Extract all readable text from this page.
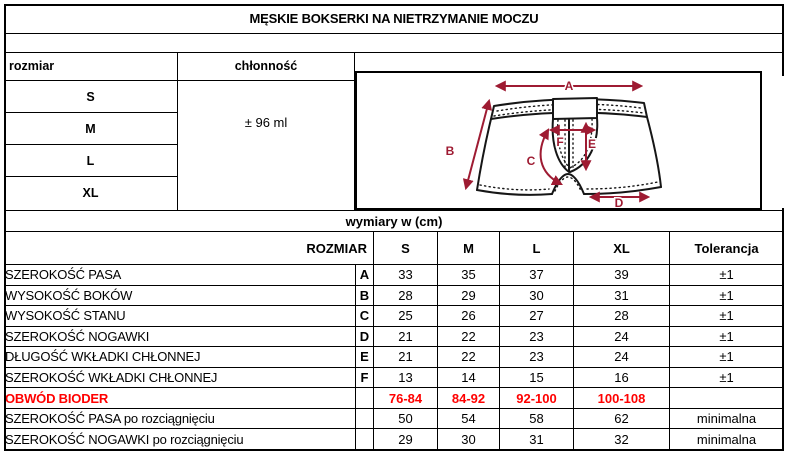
MĘSKIE BOKSERKI NA NIETRZYMANIE MOCZU
rozmiar	chłonność
S
M
L
XL
± 96 ml
A
B
C
D
E
F
wymiary w (cm)						
ROZMIAR		S	M	L	XL	Tolerancja
SZEROKOŚĆ PASA	A	33	35	37	39	±1
WYSOKOŚĆ BOKÓW	B	28	29	30	31	±1
WYSOKOŚĆ STANU	C	25	26	27	28	±1
SZEROKOŚĆ NOGAWKI	D	21	22	23	24	±1
DŁUGOŚĆ WKŁADKI CHŁONNEJ	E	21	22	23	24	±1
SZEROKOŚĆ WKŁADKI CHŁONNEJ	F	13	14	15	16	±1
OBWÓD BIODER		76-84	84-92	92-100	100-108	
SZEROKOŚĆ PASA po rozciągnięciu		50	54	58	62	minimalna
SZEROKOŚĆ NOGAWKI po rozciągnięciu		29	30	31	32	minimalna
